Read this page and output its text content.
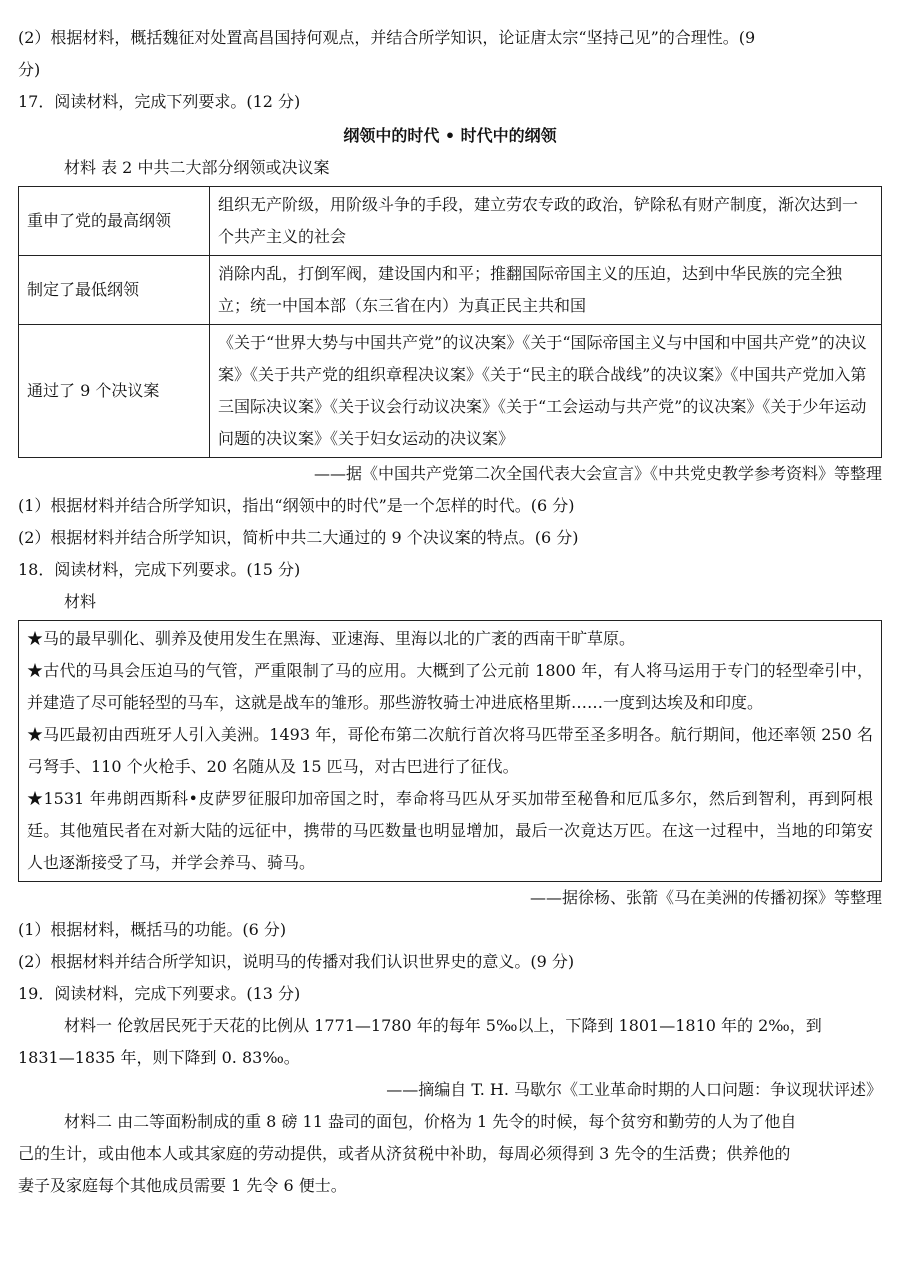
(2）根据材料，概括魏征对处置高昌国持何观点，并结合所学知识，论证唐太宗“坚持己见”的合理性。(9

分)

17．阅读材料，完成下列要求。(12 分)

纲领中的时代 • 时代中的纲领

材料 表 2 中共二大部分纲领或决议案

重申了党的最高纲领	组织无产阶级，用阶级斗争的手段，建立劳农专政的政治，铲除私有财产制度，渐次达到一个共产主义的社会
制定了最低纲领	消除内乱，打倒军阀，建设国内和平；推翻国际帝国主义的压迫，达到中华民族的完全独立；统一中国本部（东三省在内）为真正民主共和国
通过了 9 个决议案	《关于“世界大势与中国共产党”的议决案》《关于“国际帝国主义与中国和中国共产党”的决议案》《关于共产党的组织章程决议案》《关于“民主的联合战线”的决议案》《中国共产党加入第三国际决议案》《关于议会行动议决案》《关于“工会运动与共产党”的议决案》《关于少年运动问题的决议案》《关于妇女运动的决议案》

——据《中国共产党第二次全国代表大会宣言》《中共党史教学参考资料》等整理

(1）根据材料并结合所学知识，指出“纲领中的时代”是一个怎样的时代。(6 分)

(2）根据材料并结合所学知识，简析中共二大通过的 9 个决议案的特点。(6 分)

18．阅读材料，完成下列要求。(15 分)

材料

★马的最早驯化、驯养及使用发生在黑海、亚速海、里海以北的广袤的西南干旷草原。

★古代的马具会压迫马的气管，严重限制了马的应用。大概到了公元前 1800 年，有人将马运用于专门的轻型牵引中，并建造了尽可能轻型的马车，这就是战车的雏形。那些游牧骑士冲进底格里斯……一度到达埃及和印度。

★马匹最初由西班牙人引入美洲。1493 年，哥伦布第二次航行首次将马匹带至圣多明各。航行期间，他还率领 250 名弓弩手、110 个火枪手、20 名随从及 15 匹马，对古巴进行了征伐。

★1531 年弗朗西斯科•皮萨罗征服印加帝国之时，奉命将马匹从牙买加带至秘鲁和厄瓜多尔，然后到智利，再到阿根廷。其他殖民者在对新大陆的远征中，携带的马匹数量也明显增加，最后一次竟达万匹。在这一过程中，当地的印第安人也逐渐接受了马，并学会养马、骑马。

——据徐杨、张箭《马在美洲的传播初探》等整理

(1）根据材料，概括马的功能。(6 分)

(2）根据材料并结合所学知识，说明马的传播对我们认识世界史的意义。(9 分)

19．阅读材料，完成下列要求。(13 分)

材料一 伦敦居民死于天花的比例从 1771—1780 年的每年 5‰以上，下降到 1801—1810 年的 2‰，到

1831—1835 年，则下降到 0. 83‰。

——摘编自 T. H. 马歇尔《工业革命时期的人口问题：争议现状评述》

材料二 由二等面粉制成的重 8 磅 11 盎司的面包，价格为 1 先令的时候，每个贫穷和勤劳的人为了他自

己的生计，或由他本人或其家庭的劳动提供，或者从济贫税中补助，每周必须得到 3 先令的生活费；供养他的

妻子及家庭每个其他成员需要 1 先令 6 便士。
